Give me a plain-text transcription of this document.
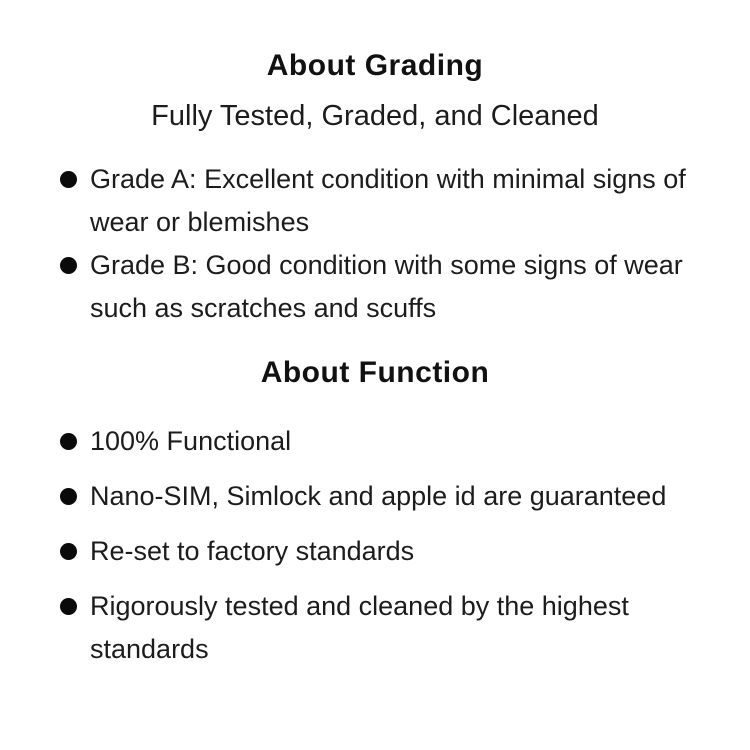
About Grading

Fully Tested, Graded, and Cleaned

Grade A: Excellent condition with minimal signs of
wear or blemishes
Grade B: Good condition with some signs of wear
such as scratches and scuffs
About Function
100% Functional
Nano-SIM, Simlock and apple id are guaranteed
Re-set to factory standards
Rigorously tested and cleaned by the highest
standards
